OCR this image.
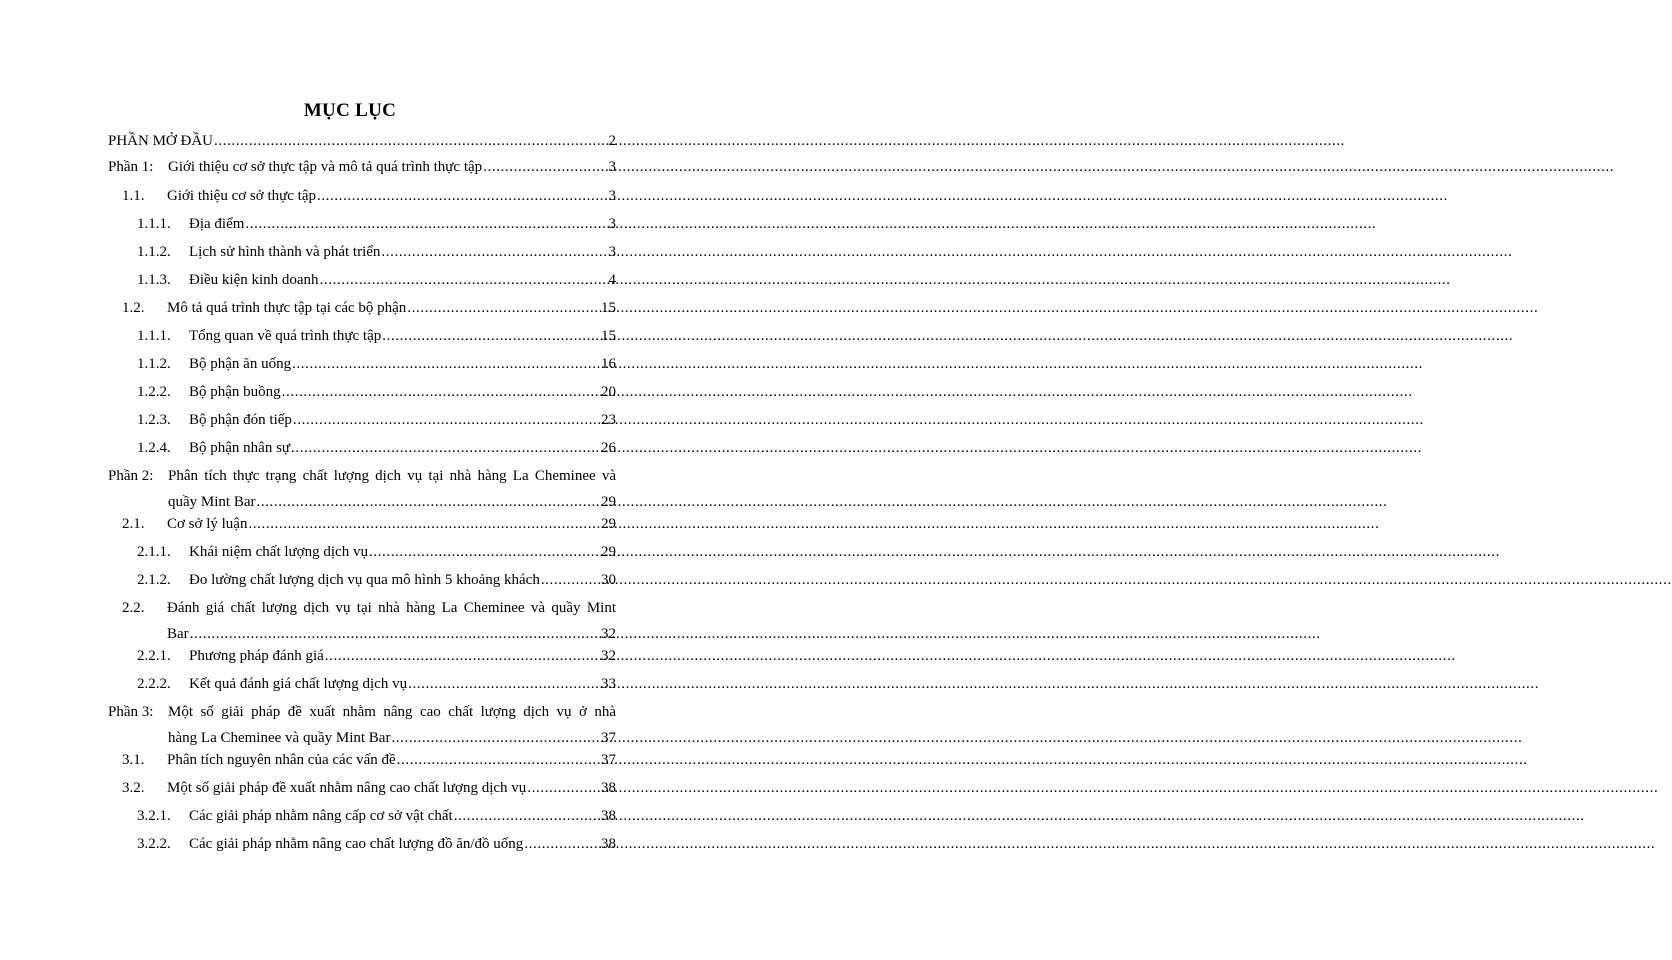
MỤC LỤC
PHẦN MỞ ĐẦU .....	2
Phần 1: Giới thiệu cơ sở thực tập và mô tả quá trình thực tập .....	3
1.1.	Giới thiệu cơ sở thực tập .....	3
1.1.1.	Địa điểm .....	3
1.1.2.	Lịch sử hình thành và phát triển .....	3
1.1.3.	Điều kiện kinh doanh .....	4
1.2.	Mô tả quá trình thực tập tại các bộ phận .....	15
1.1.1.	Tổng quan về quá trình thực tập .....	15
1.1.2.	Bộ phận ăn uống .....	16
1.2.2.	Bộ phận buồng .....	20
1.2.3.	Bộ phận đón tiếp .....	23
1.2.4.	Bộ phận nhân sự .....	26
Phần 2: Phân tích thực trạng chất lượng dịch vụ tại nhà hàng La Cheminee và
quầy Mint Bar .....	29
2.1.	Cơ sở lý luận .....	29
2.1.1.	Khái niệm chất lượng dịch vụ .....	29
2.1.2.	Đo lường chất lượng dịch vụ qua mô hình 5 khoảng khách .....	30
2.2.	Đánh giá chất lượng dịch vụ tại nhà hàng La Cheminee và quầy Mint
Bar .....	32
2.2.1.	Phương pháp đánh giá .....	32
2.2.2.	Kết quả đánh giá chất lượng dịch vụ .....	33
Phần 3: Một số giải pháp đề xuất nhằm nâng cao chất lượng dịch vụ ở nhà
hàng La Cheminee và quầy Mint Bar .....	37
3.1.	Phân tích nguyên nhân của các vấn đề .....	37
3.2.	Một số giải pháp đề xuất nhằm nâng cao chất lượng dịch vụ .....	38
3.2.1.	Các giải pháp nhằm nâng cấp cơ sở vật chất .....	38
3.2.2.	Các giải pháp nhằm nâng cao chất lượng đồ ăn/đồ uống .....	38
